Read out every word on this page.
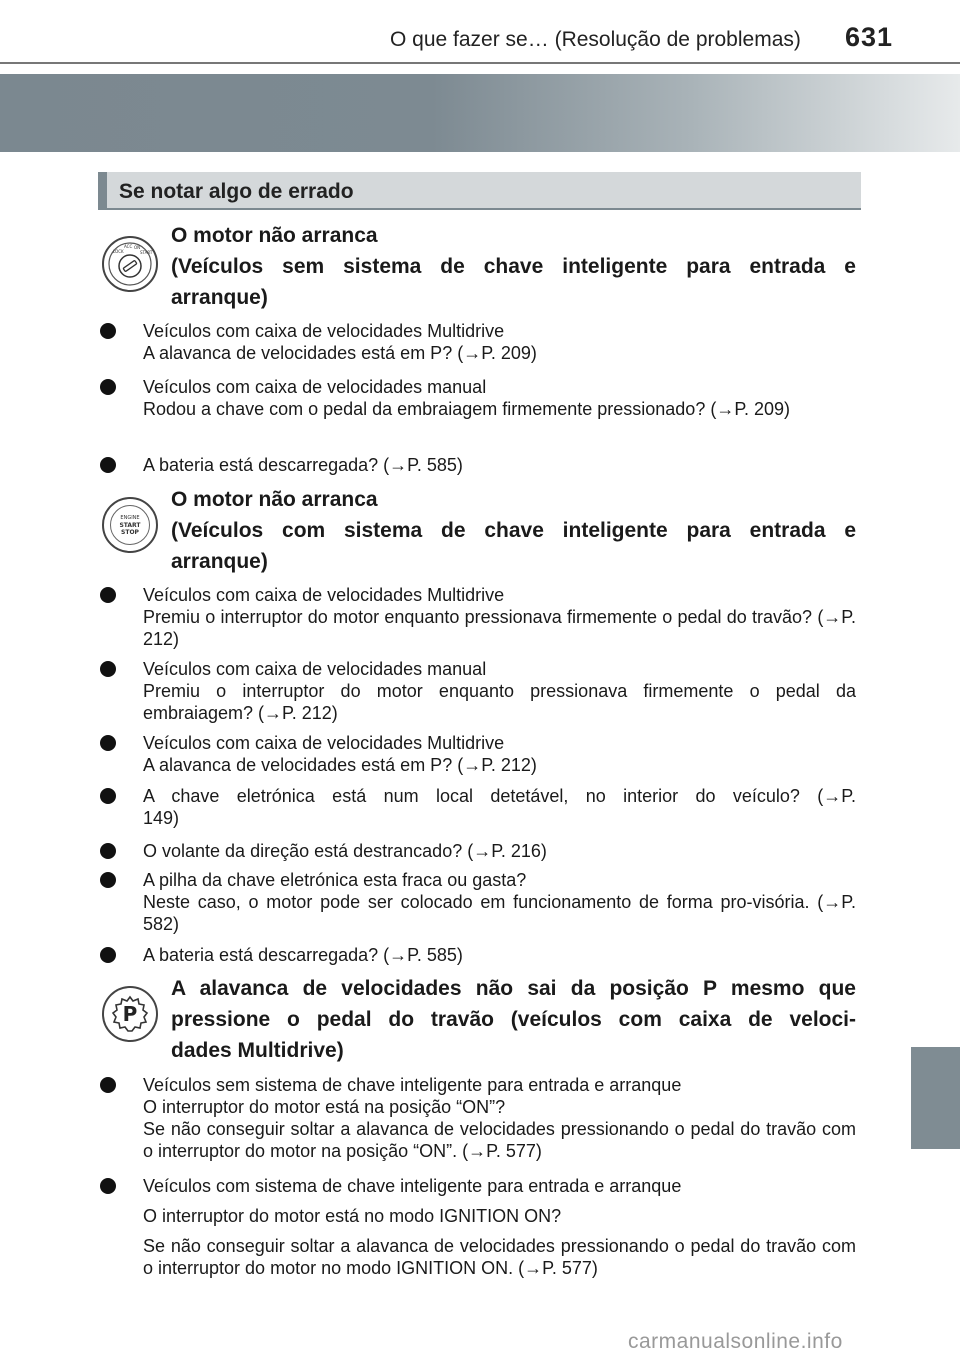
O que fazer se… (Resolução de problemas) 631
Se notar algo de errado
LOCK
ACC ON
START
O motor não arranca
(Veículos sem sistema de chave inteligente para entrada e
arranque)
Veículos com caixa de velocidades Multidrive
A alavanca de velocidades está em P? (→P. 209)
Veículos com caixa de velocidades manual
Rodou a chave com o pedal da embraiagem firmemente pressionado? (→P. 209)
A bateria está descarregada? (→P. 585)
ENGINE
START
STOP
O motor não arranca
(Veículos com sistema de chave inteligente para entrada e
arranque)
Veículos com caixa de velocidades Multidrive
Premiu o interruptor do motor enquanto pressionava firmemente o pedal do travão? (→P. 212)
Veículos com caixa de velocidades manual
Premiu o interruptor do motor enquanto pressionava firmemente o pedal da embraiagem? (→P. 212)
Veículos com caixa de velocidades Multidrive
A alavanca de velocidades está em P? (→P. 212)
A chave eletrónica está num local detetável, no interior do veículo? (→P.
149)
O volante da direção está destrancado? (→P. 216)
A pilha da chave eletrónica esta fraca ou gasta?
Neste caso, o motor pode ser colocado em funcionamento de forma pro-visória. (→P. 582)
A bateria está descarregada? (→P. 585)
P
A alavanca de velocidades não sai da posição P mesmo que
pressione o pedal do travão (veículos com caixa de veloci-
dades Multidrive)
Veículos sem sistema de chave inteligente para entrada e arranque
O interruptor do motor está na posição “ON”?
Se não conseguir soltar a alavanca de velocidades pressionando o pedal do travão com o interruptor do motor na posição “ON”. (→P. 577)
Veículos com sistema de chave inteligente para entrada e arranque
O interruptor do motor está no modo IGNITION ON?
Se não conseguir soltar a alavanca de velocidades pressionando o pedal do travão com o interruptor do motor no modo IGNITION ON. (→P. 577)
carmanualsonline.info
